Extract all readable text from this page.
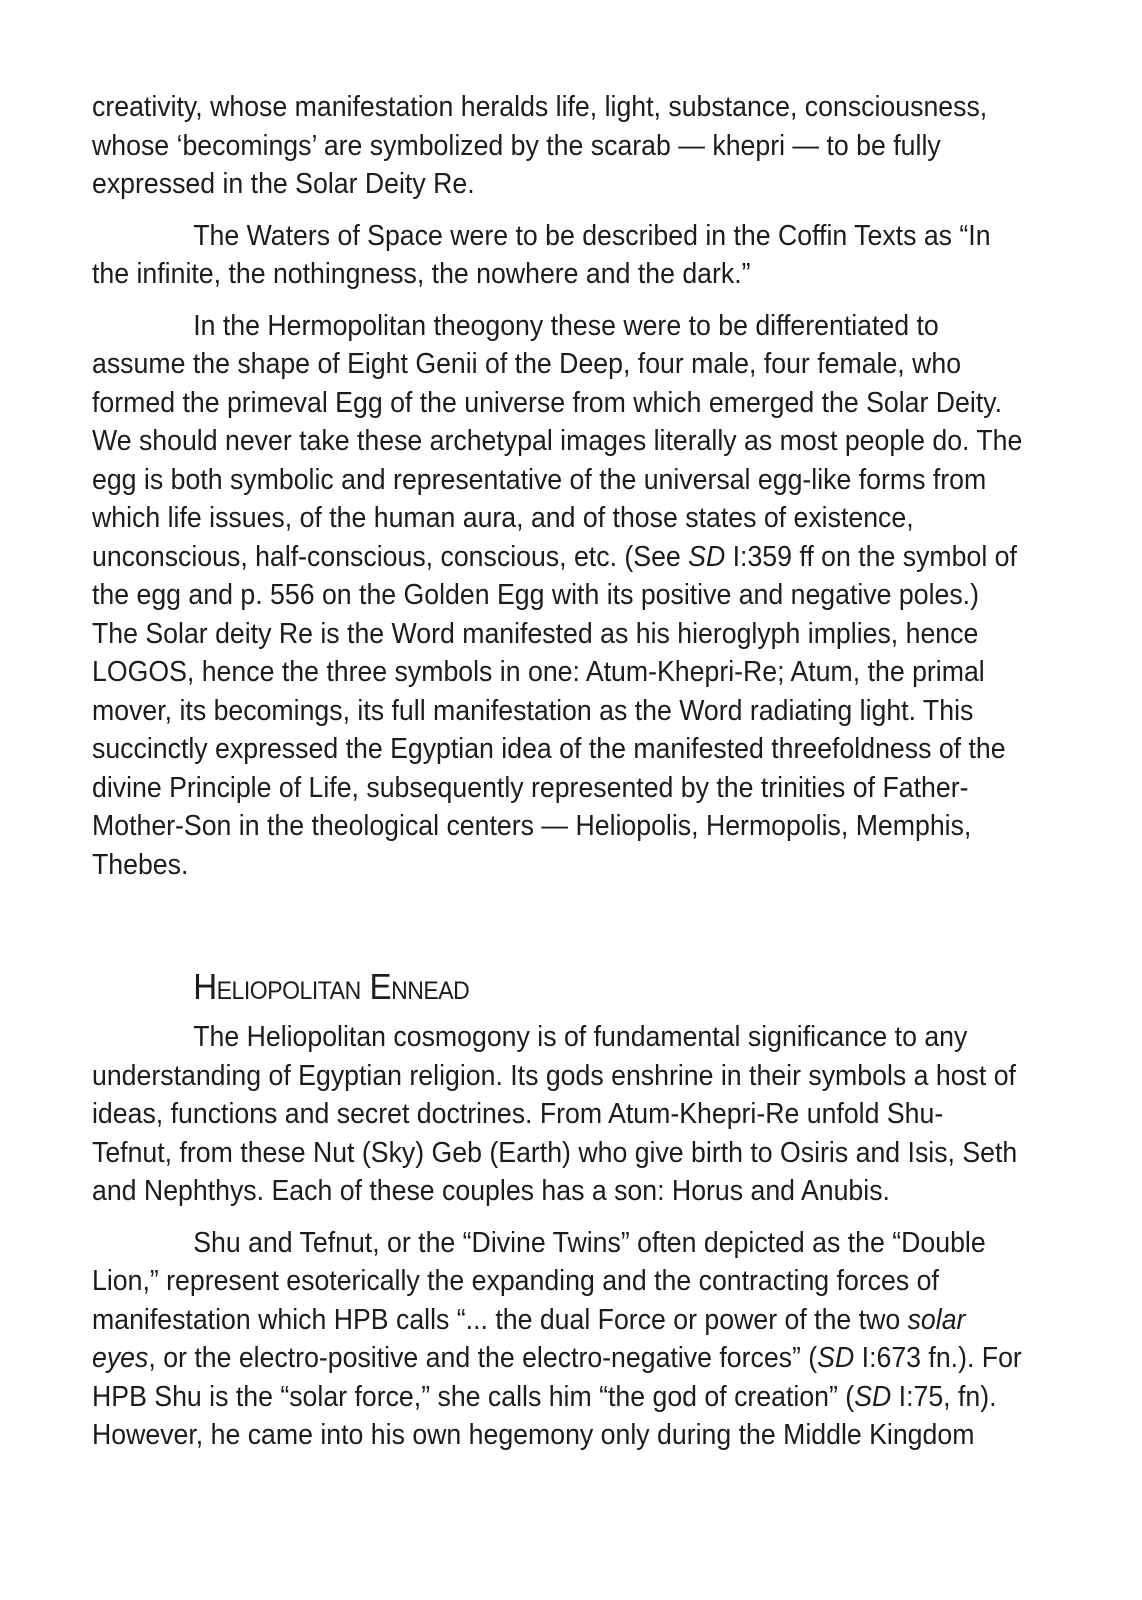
creativity, whose manifestation heralds life, light, substance, consciousness,
whose ‘becomings’ are symbolized by the scarab — khepri — to be fully
expressed in the Solar Deity Re.
The Waters of Space were to be described in the Coffin Texts as “In
the infinite, the nothingness, the nowhere and the dark.”
In the Hermopolitan theogony these were to be differentiated to
assume the shape of Eight Genii of the Deep, four male, four female, who
formed the primeval Egg of the universe from which emerged the Solar Deity.
We should never take these archetypal images literally as most people do. The
egg is both symbolic and representative of the universal egg-like forms from
which life issues, of the human aura, and of those states of existence,
unconscious, half-conscious, conscious, etc. (See SD I:359 ff on the symbol of
the egg and p. 556 on the Golden Egg with its positive and negative poles.)
The Solar deity Re is the Word manifested as his hieroglyph implies, hence
LOGOS, hence the three symbols in one: Atum-Khepri-Re; Atum, the primal
mover, its becomings, its full manifestation as the Word radiating light. This
succinctly expressed the Egyptian idea of the manifested threefoldness of the
divine Principle of Life, subsequently represented by the trinities of Father-
Mother-Son in the theological centers — Heliopolis, Hermopolis, Memphis,
Thebes.
Heliopolitan Ennead
The Heliopolitan cosmogony is of fundamental significance to any
understanding of Egyptian religion. Its gods enshrine in their symbols a host of
ideas, functions and secret doctrines. From Atum-Khepri-Re unfold Shu-
Tefnut, from these Nut (Sky) Geb (Earth) who give birth to Osiris and Isis, Seth
and Nephthys. Each of these couples has a son: Horus and Anubis.
Shu and Tefnut, or the “Divine Twins” often depicted as the “Double
Lion,” represent esoterically the expanding and the contracting forces of
manifestation which HPB calls “... the dual Force or power of the two solar
eyes, or the electro-positive and the electro-negative forces” (SD I:673 fn.). For
HPB Shu is the “solar force,” she calls him “the god of creation” (SD I:75, fn).
However, he came into his own hegemony only during the Middle Kingdom
